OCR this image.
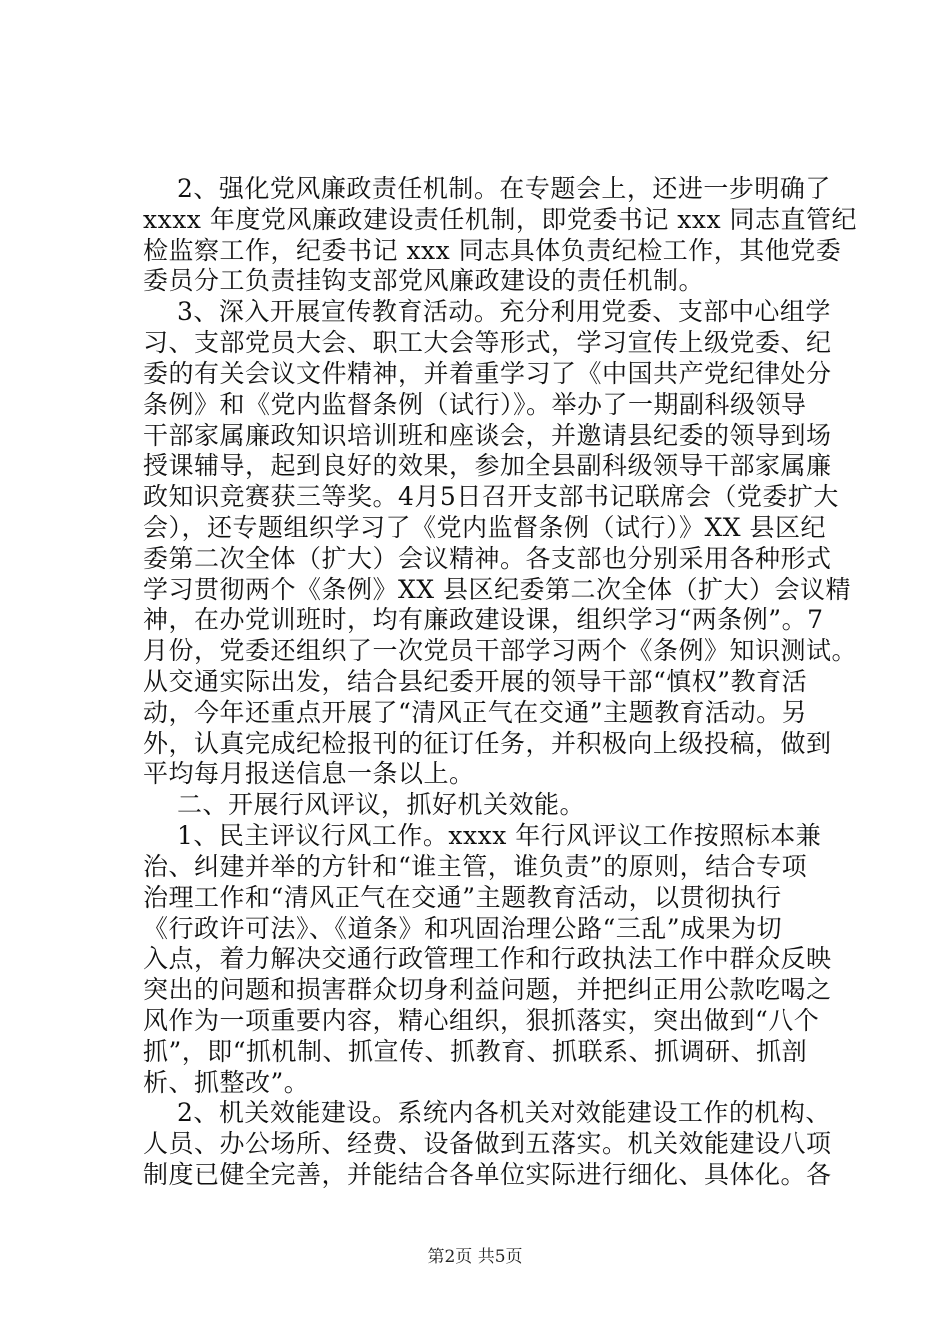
2、强化党风廉政责任机制。在专题会上，还进一步明确了
xxxx 年度党风廉政建设责任机制，即党委书记 xxx 同志直管纪
检监察工作，纪委书记 xxx 同志具体负责纪检工作，其他党委
委员分工负责挂钩支部党风廉政建设的责任机制。
3、深入开展宣传教育活动。充分利用党委、支部中心组学
习、支部党员大会、职工大会等形式，学习宣传上级党委、纪
委的有关会议文件精神，并着重学习了《中国共产党纪律处分
条例》和《党内监督条例（试行）》。举办了一期副科级领导
干部家属廉政知识培训班和座谈会，并邀请县纪委的领导到场
授课辅导，起到良好的效果，参加全县副科级领导干部家属廉
政知识竞赛获三等奖。4月5日召开支部书记联席会（党委扩大
会），还专题组织学习了《党内监督条例（试行）》XX 县区纪
委第二次全体（扩大）会议精神。各支部也分别采用各种形式
学习贯彻两个《条例》XX 县区纪委第二次全体（扩大）会议精
神，在办党训班时，均有廉政建设课，组织学习“两条例”。7
月份，党委还组织了一次党员干部学习两个《条例》知识测试。
从交通实际出发，结合县纪委开展的领导干部“慎权”教育活
动，今年还重点开展了“清风正气在交通”主题教育活动。另
外，认真完成纪检报刊的征订任务，并积极向上级投稿，做到
平均每月报送信息一条以上。
二、开展行风评议，抓好机关效能。
1、民主评议行风工作。xxxx 年行风评议工作按照标本兼
治、纠建并举的方针和“谁主管，谁负责”的原则，结合专项
治理工作和“清风正气在交通”主题教育活动，以贯彻执行
《行政许可法》、《道条》和巩固治理公路“三乱”成果为切
入点，着力解决交通行政管理工作和行政执法工作中群众反映
突出的问题和损害群众切身利益问题，并把纠正用公款吃喝之
风作为一项重要内容，精心组织，狠抓落实，突出做到“八个
抓”，即“抓机制、抓宣传、抓教育、抓联系、抓调研、抓剖
析、抓整改”。
2、机关效能建设。系统内各机关对效能建设工作的机构、
人员、办公场所、经费、设备做到五落实。机关效能建设八项
制度已健全完善，并能结合各单位实际进行细化、具体化。各
第2页 共5页
